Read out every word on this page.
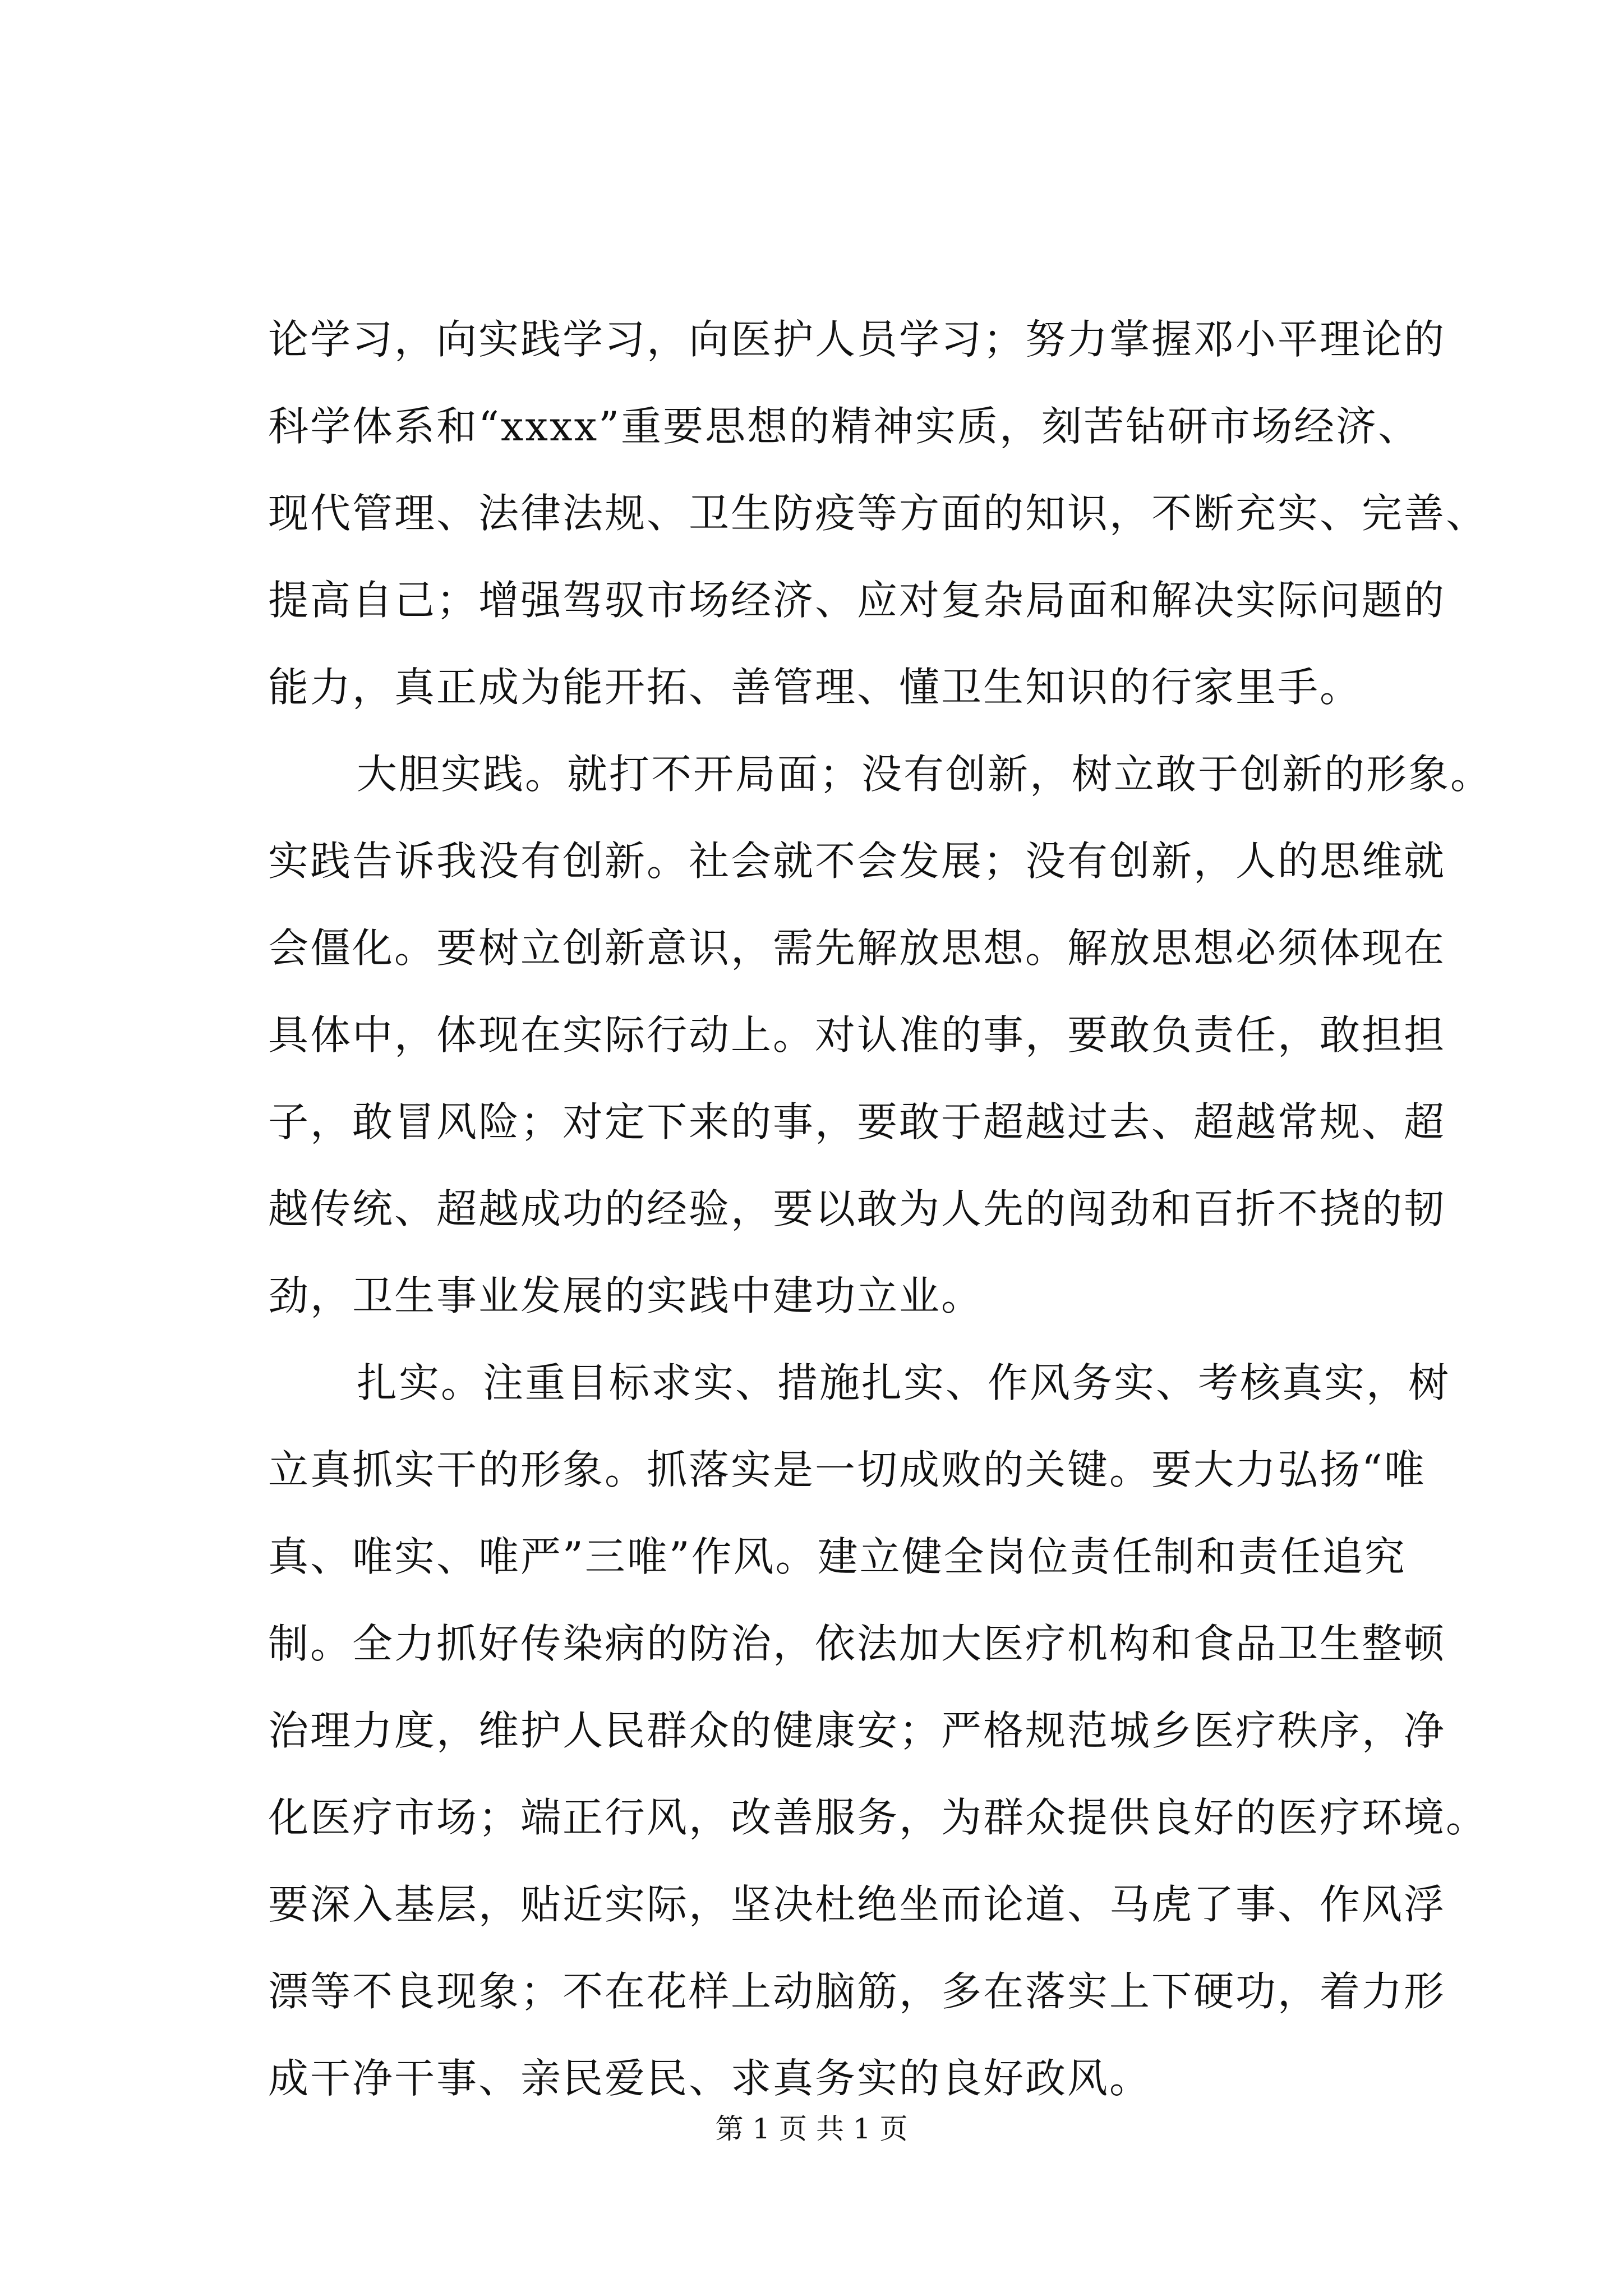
论学习，向实践学习，向医护人员学习；努力掌握邓小平理论的
科学体系和“xxxx”重要思想的精神实质，刻苦钻研市场经济、
现代管理、法律法规、卫生防疫等方面的知识，不断充实、完善、
提高自己；增强驾驭市场经济、应对复杂局面和解决实际问题的
能力，真正成为能开拓、善管理、懂卫生知识的行家里手。
大胆实践。就打不开局面；没有创新，树立敢于创新的形象。
实践告诉我没有创新。社会就不会发展；没有创新，人的思维就
会僵化。要树立创新意识，需先解放思想。解放思想必须体现在
具体中，体现在实际行动上。对认准的事，要敢负责任，敢担担
子，敢冒风险；对定下来的事，要敢于超越过去、超越常规、超
越传统、超越成功的经验，要以敢为人先的闯劲和百折不挠的韧
劲，卫生事业发展的实践中建功立业。
扎实。注重目标求实、措施扎实、作风务实、考核真实，树
立真抓实干的形象。抓落实是一切成败的关键。要大力弘扬“唯
真、唯实、唯严”三唯”作风。建立健全岗位责任制和责任追究
制。全力抓好传染病的防治，依法加大医疗机构和食品卫生整顿
治理力度，维护人民群众的健康安；严格规范城乡医疗秩序，净
化医疗市场；端正行风，改善服务，为群众提供良好的医疗环境。
要深入基层，贴近实际，坚决杜绝坐而论道、马虎了事、作风浮
漂等不良现象；不在花样上动脑筋，多在落实上下硬功，着力形
成干净干事、亲民爱民、求真务实的良好政风。
第 1 页 共 1 页
